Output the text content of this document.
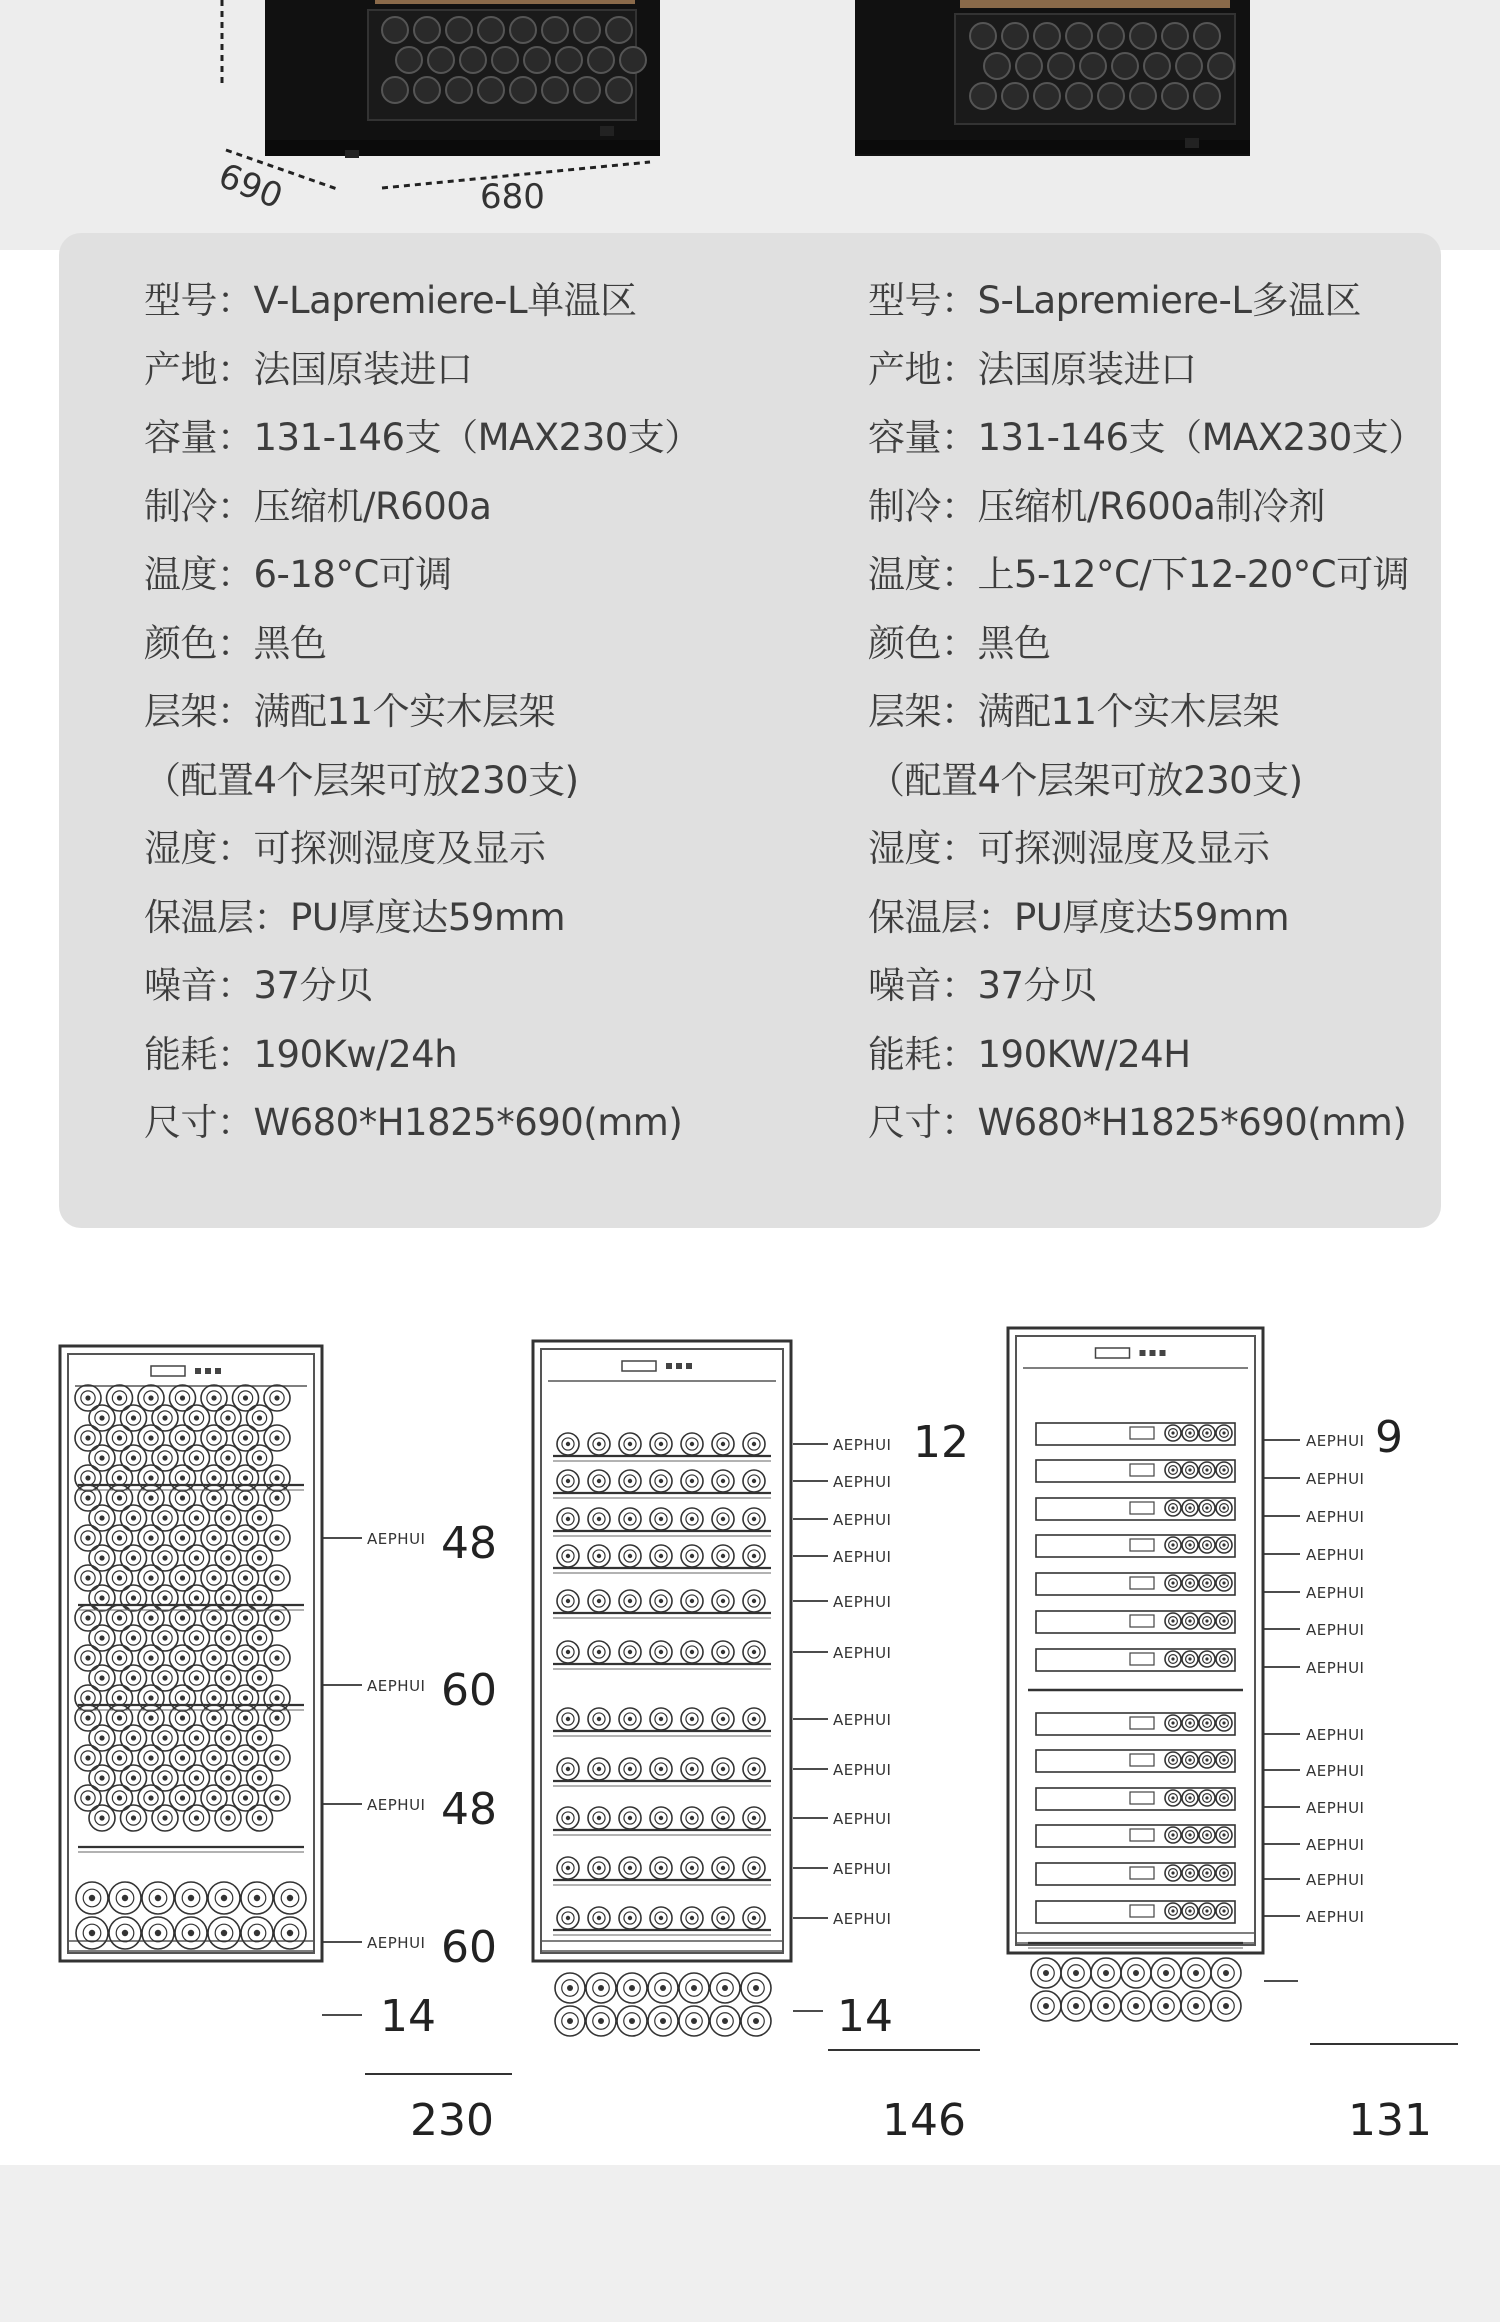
690	680
型号：V-Lapremiere-L单温区
产地：法国原装进口
容量：131-146支（MAX230支）
制冷：压缩机/R600a
温度：6-18°C可调
颜色：黑色
层架：满配11个实木层架
（配置4个层架可放230支)
湿度：可探测湿度及显示
保温层：PU厚度达59mm
噪音：37分贝
能耗：190Kw/24h
尺寸：W680*H1825*690(mm)
型号：S-Lapremiere-L多温区
产地：法国原装进口
容量：131-146支（MAX230支）
制冷：压缩机/R600a制冷剂
温度：上5-12°C/下12-20°C可调
颜色：黑色
层架：满配11个实木层架
（配置4个层架可放230支)
湿度：可探测湿度及显示
保温层：PU厚度达59mm
噪音：37分贝
能耗：190KW/24H
尺寸：W680*H1825*690(mm)
AEPHUI 48
AEPHUI 60
AEPHUI 48
AEPHUI 60
14
230
AEPHUI
AEPHUI
AEPHUI
AEPHUI
AEPHUI
AEPHUI
AEPHUI
AEPHUI
AEPHUI
AEPHUI
AEPHUI
12
14
146
AEPHUI
AEPHUI
AEPHUI
AEPHUI
AEPHUI
AEPHUI
AEPHUI
AEPHUI
AEPHUI
AEPHUI
AEPHUI
AEPHUI
AEPHUI
9
131
